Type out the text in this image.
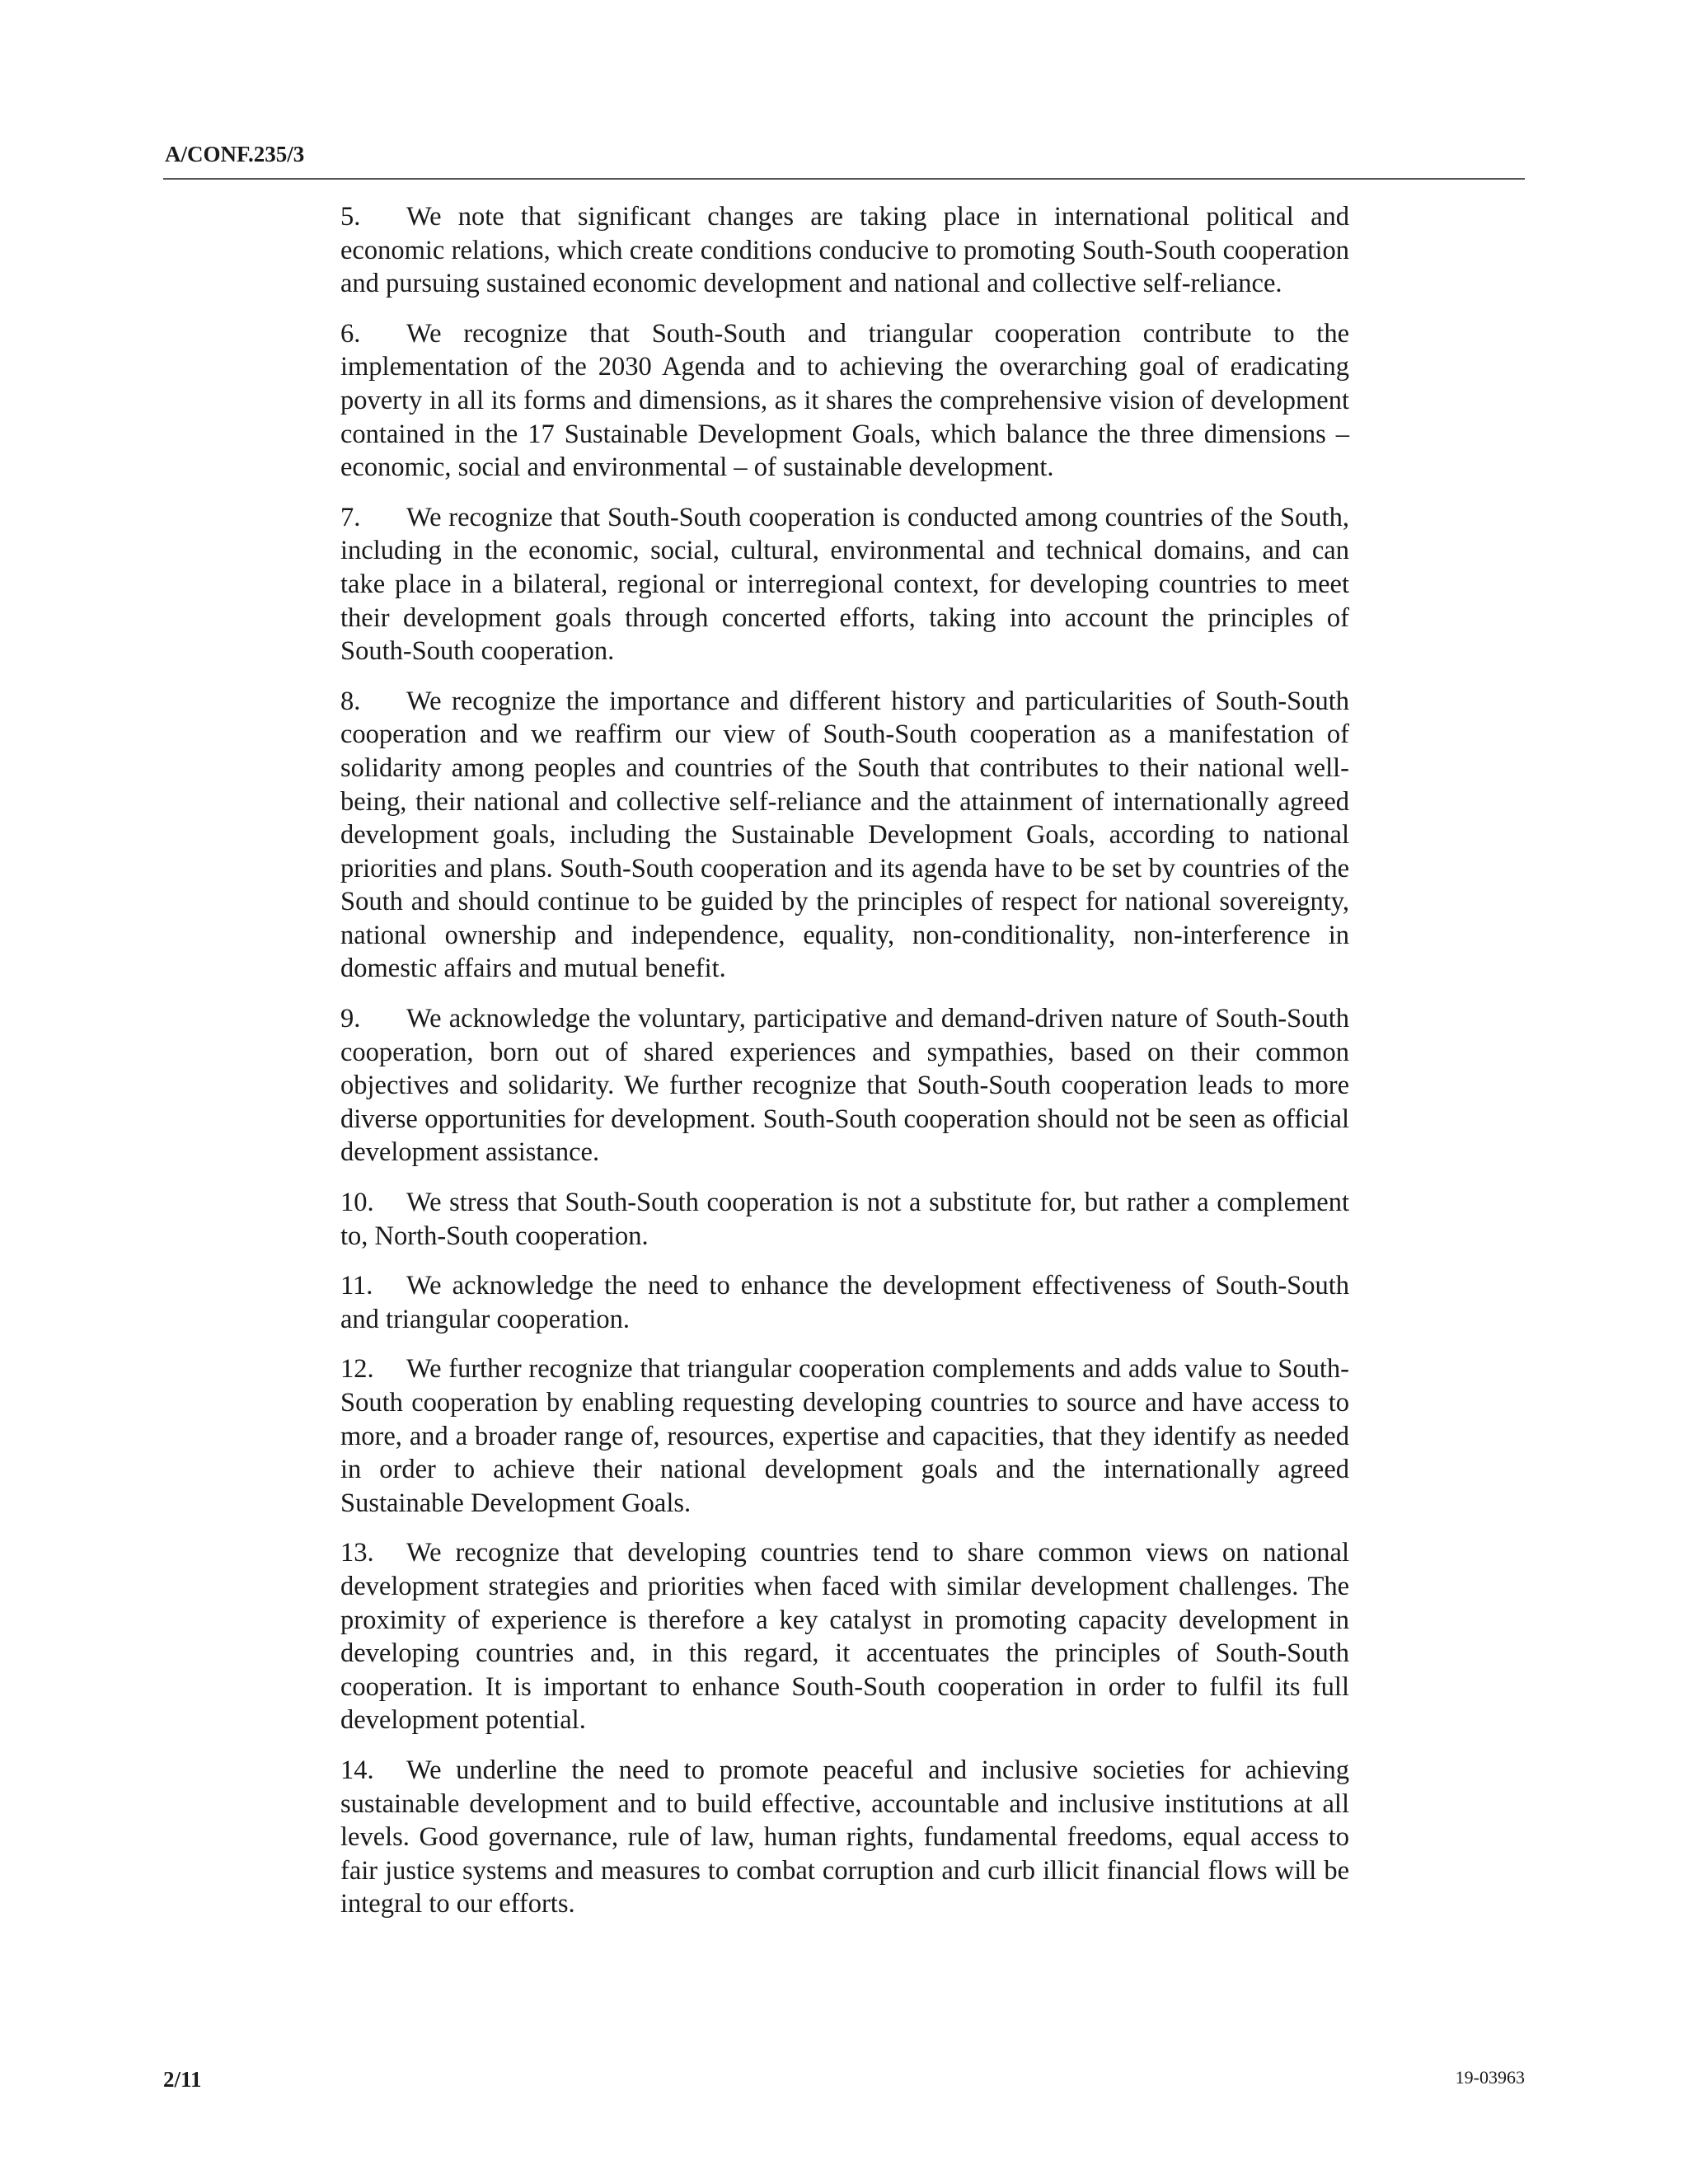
A/CONF.235/3

5. We note that significant changes are taking place in international political and economic relations, which create conditions conducive to promoting South-South cooperation and pursuing sustained economic development and national and collective self-reliance.

6. We recognize that South-South and triangular cooperation contribute to the implementation of the 2030 Agenda and to achieving the overarching goal of eradicating poverty in all its forms and dimensions, as it shares the comprehensive vision of development contained in the 17 Sustainable Development Goals, which balance the three dimensions – economic, social and environmental – of sustainable development.

7. We recognize that South-South cooperation is conducted among countries of the South, including in the economic, social, cultural, environmental and technical domains, and can take place in a bilateral, regional or interregional context, for developing countries to meet their development goals through concerted efforts, taking into account the principles of South-South cooperation.

8. We recognize the importance and different history and particularities of South-South cooperation and we reaffirm our view of South-South cooperation as a manifestation of solidarity among peoples and countries of the South that contributes to their national well-being, their national and collective self-reliance and the attainment of internationally agreed development goals, including the Sustainable Development Goals, according to national priorities and plans. South-South cooperation and its agenda have to be set by countries of the South and should continue to be guided by the principles of respect for national sovereignty, national ownership and independence, equality, non-conditionality, non-interference in domestic affairs and mutual benefit.

9. We acknowledge the voluntary, participative and demand-driven nature of South-South cooperation, born out of shared experiences and sympathies, based on their common objectives and solidarity. We further recognize that South-South cooperation leads to more diverse opportunities for development. South-South cooperation should not be seen as official development assistance.

10. We stress that South-South cooperation is not a substitute for, but rather a complement to, North-South cooperation.

11. We acknowledge the need to enhance the development effectiveness of South-South and triangular cooperation.

12. We further recognize that triangular cooperation complements and adds value to South-South cooperation by enabling requesting developing countries to source and have access to more, and a broader range of, resources, expertise and capacities, that they identify as needed in order to achieve their national development goals and the internationally agreed Sustainable Development Goals.

13. We recognize that developing countries tend to share common views on national development strategies and priorities when faced with similar development challenges. The proximity of experience is therefore a key catalyst in promoting capacity development in developing countries and, in this regard, it accentuates the principles of South-South cooperation. It is important to enhance South-South cooperation in order to fulfil its full development potential.

14. We underline the need to promote peaceful and inclusive societies for achieving sustainable development and to build effective, accountable and inclusive institutions at all levels. Good governance, rule of law, human rights, fundamental freedoms, equal access to fair justice systems and measures to combat corruption and curb illicit financial flows will be integral to our efforts.

2/11	19-03963
